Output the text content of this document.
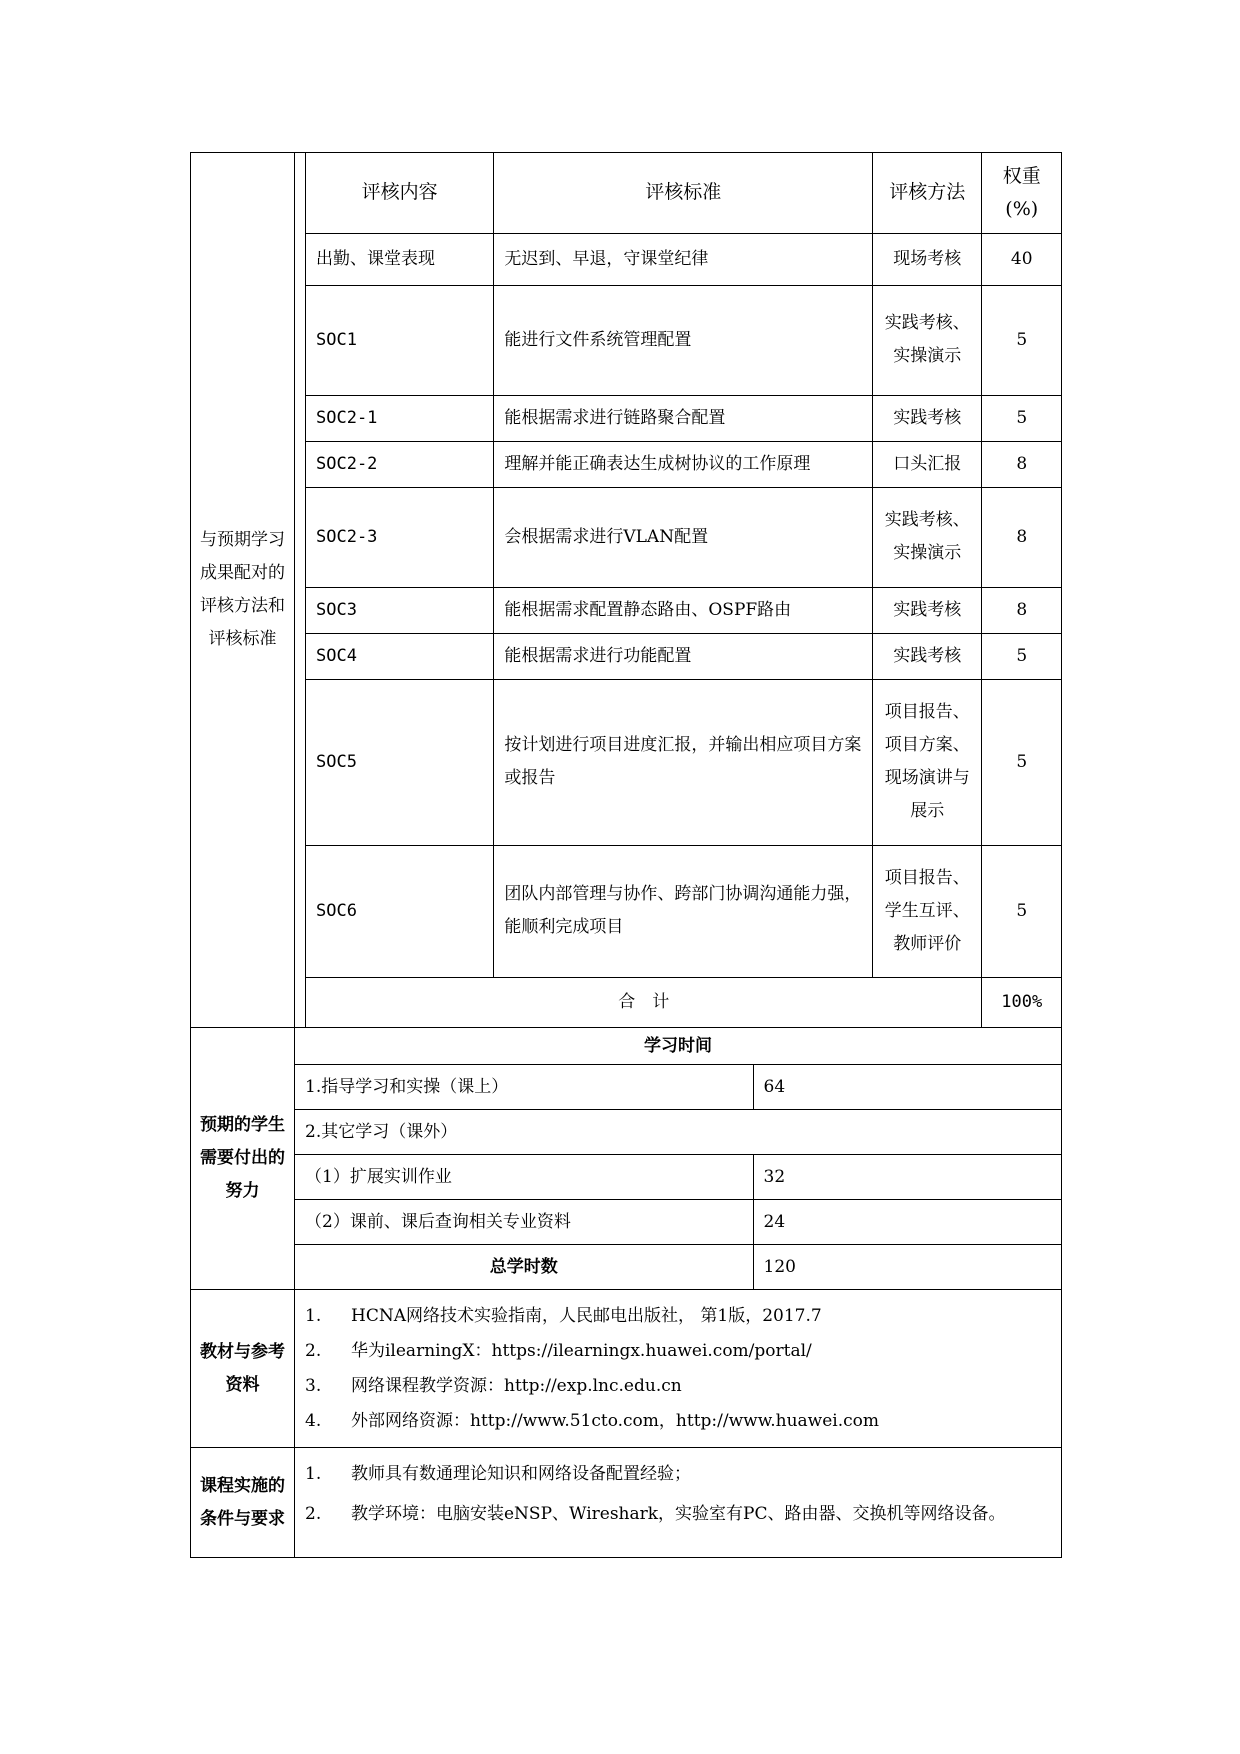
与预期学习成果配对的评核方法和评核标准	
评核内容	评核标准	评核方法	权重(%)
出勤、课堂表现	无迟到、早退，守课堂纪律	现场考核	40
SOC1	能进行文件系统管理配置	实践考核、实操演示	5
SOC2-1	能根据需求进行链路聚合配置	实践考核	5
SOC2-2	理解并能正确表达生成树协议的工作原理	口头汇报	8
SOC2-3	会根据需求进行VLAN配置	实践考核、实操演示	8
SOC3	能根据需求配置静态路由、OSPF路由	实践考核	8
SOC4	能根据需求进行功能配置	实践考核	5
SOC5	按计划进行项目进度汇报，并输出相应项目方案或报告	项目报告、项目方案、现场演讲与展示	5
SOC6	团队内部管理与协作、跨部门协调沟通能力强，能顺利完成项目	项目报告、学生互评、教师评价	5
合　计	100%

预期的学生需要付出的努力	
学习时间
1.指导学习和实操（课上）	64
2.其它学习（课外）
（1）扩展实训作业	32
（2）课前、课后查询相关专业资料	24
总学时数	120

教材与参考资料	
1.	HCNA网络技术实验指南，人民邮电出版社， 第1版，2017.7
2.	华为ilearningX：https://ilearningx.huawei.com/portal/
3.	网络课程教学资源：http://exp.lnc.edu.cn
4.	外部网络资源：http://www.51cto.com，http://www.huawei.com

课程实施的条件与要求	
1.	教师具有数通理论知识和网络设备配置经验；
2.	教学环境：电脑安装eNSP、Wireshark，实验室有PC、路由器、交换机等网络设备。
